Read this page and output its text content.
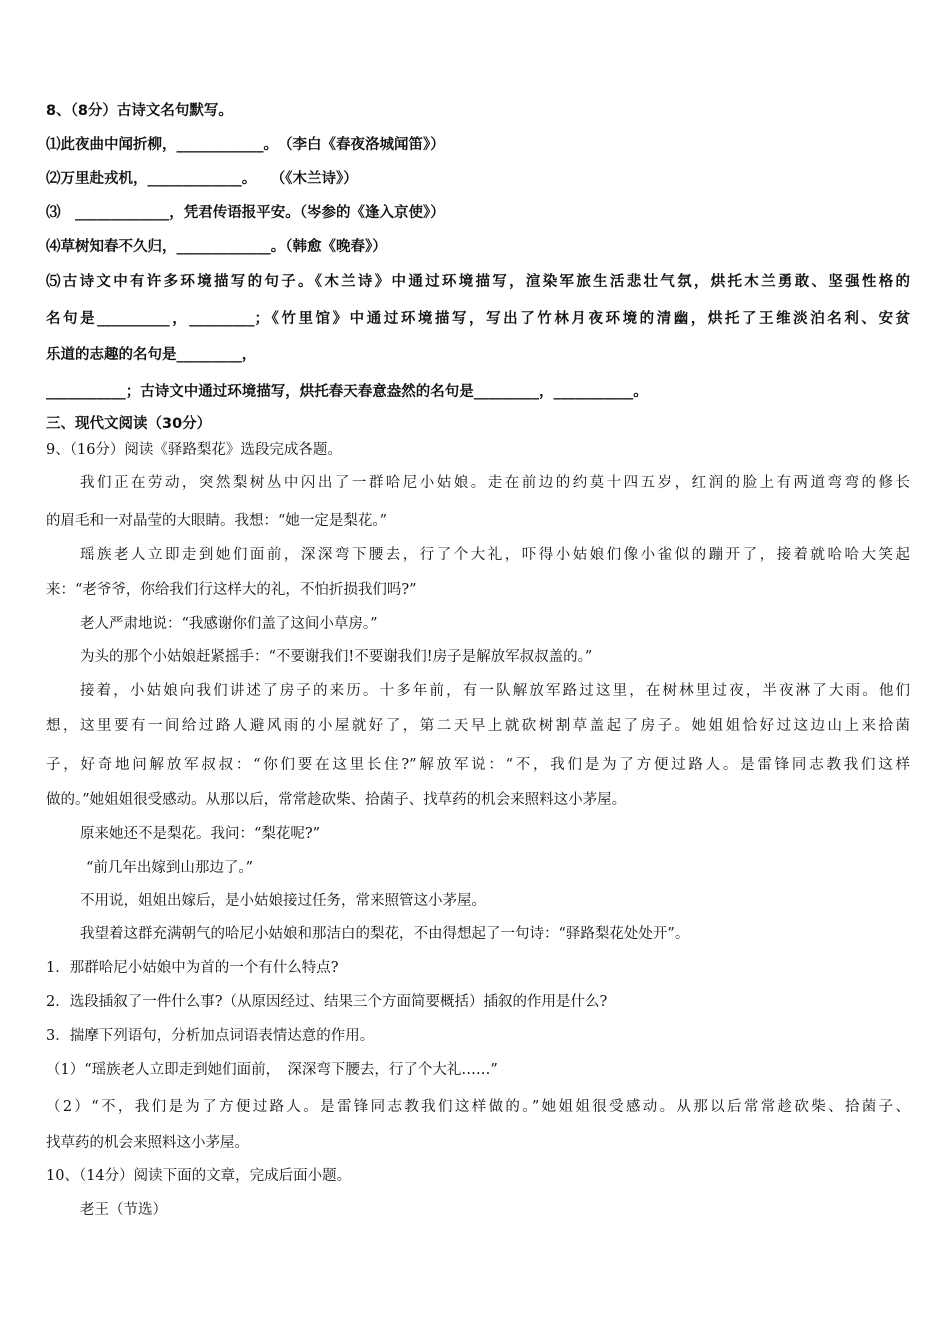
8、（8分）古诗文名句默写。
⑴此夜曲中闻折柳，____________。　（李白《春夜洛城闻笛》）
⑵万里赴戎机，_____________。　　（《木兰诗》）
⑶　_____________，凭君传语报平安。（岑参的《逢入京使》）
⑷草树知春不久归，_____________。（韩愈《晚春》）
⑸古诗文中有许多环境描写的句子。《木兰诗》中通过环境描写，渲染军旅生活悲壮气氛，烘托木兰勇敢、坚强性格的
名句是__________，_________；《竹里馆》中通过环境描写，写出了竹林月夜环境的清幽，烘托了王维淡泊名利、安贫
乐道的志趣的名句是_________，
___________；古诗文中通过环境描写，烘托春天春意盎然的名句是_________，___________。
三、现代文阅读（30分）
9、（16分）阅读《驿路梨花》选段完成各题。
我们正在劳动，突然梨树丛中闪出了一群哈尼小姑娘。走在前边的约莫十四五岁，红润的脸上有两道弯弯的修长
的眉毛和一对晶莹的大眼睛。我想：“她一定是梨花。”
瑶族老人立即走到她们面前，深深弯下腰去，行了个大礼，吓得小姑娘们像小雀似的蹦开了，接着就哈哈大笑起
来：“老爷爷，你给我们行这样大的礼，不怕折损我们吗?”
老人严肃地说：“我感谢你们盖了这间小草房。”
为头的那个小姑娘赶紧摇手：“不要谢我们!不要谢我们!房子是解放军叔叔盖的。”
接着，小姑娘向我们讲述了房子的来历。十多年前，有一队解放军路过这里，在树林里过夜，半夜淋了大雨。他们
想，这里要有一间给过路人避风雨的小屋就好了，第二天早上就砍树割草盖起了房子。她姐姐恰好过这边山上来拾菌
子，好奇地问解放军叔叔：“你们要在这里长住?”解放军说：“不，我们是为了方便过路人。是雷锋同志教我们这样
做的。”她姐姐很受感动。从那以后，常常趁砍柴、拾菌子、找草药的机会来照料这小茅屋。
原来她还不是梨花。我问：“梨花呢?”
“前几年出嫁到山那边了。”
不用说，姐姐出嫁后，是小姑娘接过任务，常来照管这小茅屋。
我望着这群充满朝气的哈尼小姑娘和那洁白的梨花，不由得想起了一句诗：“驿路梨花处处开”。
1．那群哈尼小姑娘中为首的一个有什么特点?
2．选段插叙了一件什么事?（从原因经过、结果三个方面简要概括）插叙的作用是什么?
3．揣摩下列语句，分析加点词语表情达意的作用。
（1）“瑶族老人立即走到她们面前，　深深弯下腰去，行了个大礼……”
（2）“不，我们是为了方便过路人。是雷锋同志教我们这样做的。”她姐姐很受感动。从那以后常常趁砍柴、拾菌子、
找草药的机会来照料这小茅屋。
10、（14分）阅读下面的文章，完成后面小题。
老王（节选）
